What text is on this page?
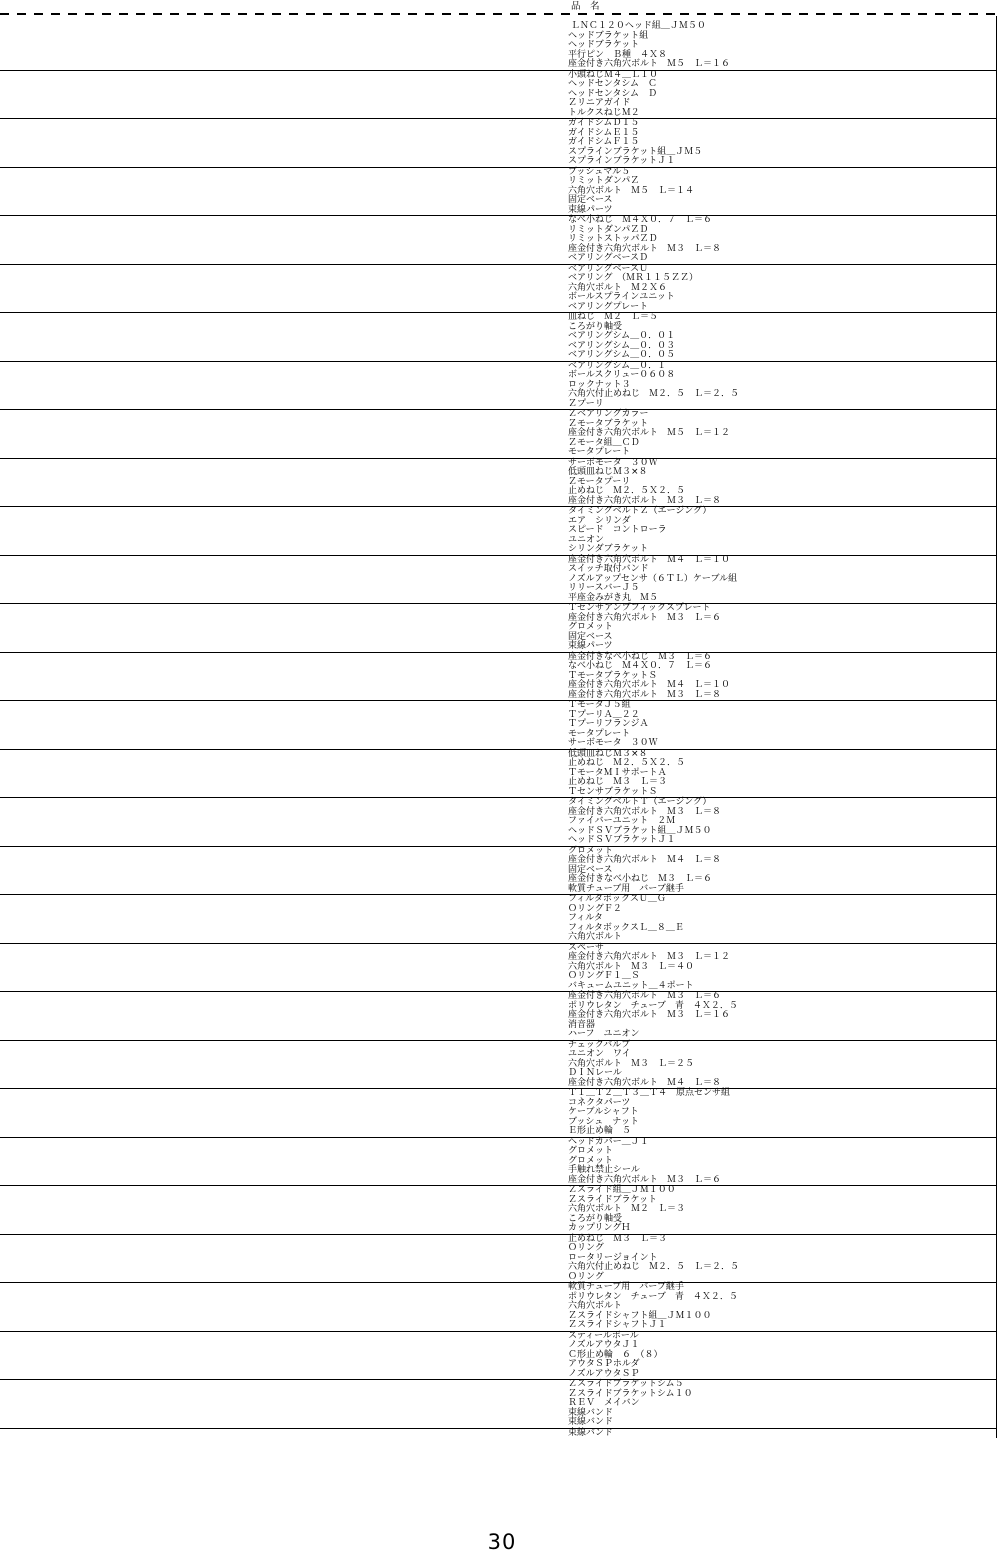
品　名
ＬＮＣ１２０ヘッド組＿ＪＭ５０
ヘッドブラケット組
ヘッドブラケット
平行ピン　Ｂ種　４Ｘ８
座金付き六角穴ボルト　Ｍ５　Ｌ＝１６
小頭ねじＭ４＿Ｌ１０
ヘッドセンタシム　Ｃ
ヘッドセンタシム　Ｄ
Ｚリニアガイド
トルクスねじＭ２
ガイドシムＤ１５
ガイドシムＥ１５
ガイドシムＦ１５
スプラインブラケット組＿ＪＭ５
スプラインブラケットＪ１
ブッシュマル５
リミットダンパＺ
六角穴ボルト　Ｍ５　Ｌ＝１４
固定ベース
束線パーツ
なべ小ねじ　Ｍ４Ｘ０．７　Ｌ＝６
リミットダンパＺＤ
リミットストッパＺＤ
座金付き六角穴ボルト　Ｍ３　Ｌ＝８
ベアリングベースＤ
ベアリングベースＵ
ベアリング　（ＭＲ１１５ＺＺ）
六角穴ボルト　Ｍ２Ｘ６
ボールスプラインユニット
ベアリングプレート
皿ねじ　Ｍ２　Ｌ＝５
ころがり軸受
ベアリングシム＿０．０１
ベアリングシム＿０．０３
ベアリングシム＿０．０５
ベアリングシム＿０．１
ボールスクリュー０６０８
ロックナット３
六角穴付止めねじ　Ｍ２．５　Ｌ＝２．５
Ｚプーリ
Ｚベアリングカラー
Ｚモータブラケット
座金付き六角穴ボルト　Ｍ５　Ｌ＝１２
Ｚモータ組＿ＣＤ
モータプレート
サーボモータ　３０Ｗ
低頭皿ねじＭ３×８
Ｚモータプーリ
止めねじ　Ｍ２．５Ｘ２．５
座金付き六角穴ボルト　Ｍ３　Ｌ＝８
タイミングベルトＺ（エージング）
エア　シリンダ
スピード　コントローラ
ユニオン
シリンダブラケット
座金付き六角穴ボルト　Ｍ４　Ｌ＝１０
スイッチ取付バンド
ノズルアップセンサ（６ＴＬ）ケーブル組
リリースバーＪ５
平座金みがき丸　Ｍ５
Ｔセンサアンプフィックスプレート
座金付き六角穴ボルト　Ｍ３　Ｌ＝６
グロメット
固定ベース
束線パーツ
座金付きなべ小ねじ　Ｍ３　Ｌ＝６
なべ小ねじ　Ｍ４Ｘ０．７　Ｌ＝６
ＴモータブラケットＳ
座金付き六角穴ボルト　Ｍ４　Ｌ＝１０
座金付き六角穴ボルト　Ｍ３　Ｌ＝８
ＴモータＪ５組
ＴプーリＡ＿２２
ＴプーリフランジＡ
モータプレート
サーボモータ　３０Ｗ
低頭皿ねじＭ３×８
止めねじ　Ｍ２．５Ｘ２．５
ＴモータＭＩサポートＡ
止めねじ　Ｍ３　Ｌ＝３
ＴセンサブラケットＳ
タイミングベルトＴ（エージング）
座金付き六角穴ボルト　Ｍ３　Ｌ＝８
ファイバーユニット　２Ｍ
ヘッドＳＶブラケット組＿ＪＭ５０
ヘッドＳＶブラケットＪ１
グロメット
座金付き六角穴ボルト　Ｍ４　Ｌ＝８
固定ベース
座金付きなべ小ねじ　Ｍ３　Ｌ＝６
軟質チューブ用　バーブ継手
フィルタボックスＵ＿Ｇ
ＯリングＦ２
フィルタ
フィルタボックスＬ＿８＿Ｅ
六角穴ボルト
スペーサ
座金付き六角穴ボルト　Ｍ３　Ｌ＝１２
六角穴ボルト　Ｍ３　Ｌ＝４０
ＯリングＦ１＿Ｓ
バキュームユニット＿４ポート
座金付き六角穴ボルト　Ｍ３　Ｌ＝６
ポリウレタン　チューブ　青　４Ｘ２．５
座金付き六角穴ボルト　Ｍ３　Ｌ＝１６
消音器
ハーフ　ユニオン
チェックバルブ
ユニオン　ワイ
六角穴ボルト　Ｍ３　Ｌ＝２５
ＤＩＮレール
座金付き六角穴ボルト　Ｍ４　Ｌ＝８
Ｔ１＿Ｔ２＿Ｔ３＿Ｔ４　原点センサ組
コネクタパーツ
ケーブルシャフト
ブッシュ　ナット
Ｅ形止め輪　５
ヘッドカバー＿Ｊ１
グロメット
グロメット
手触れ禁止シール
座金付き六角穴ボルト　Ｍ３　Ｌ＝６
Ｚスライド組＿ＪＭ１００
Ｚスライドブラケット
六角穴ボルト　Ｍ２　Ｌ＝３
ころがり軸受
カップリングＨ
止めねじ　Ｍ３　Ｌ＝３
Ｏリング
ロータリージョイント
六角穴付止めねじ　Ｍ２．５　Ｌ＝２．５
Ｏリング
軟質チューブ用　バーブ継手
ポリウレタン　チューブ　青　４Ｘ２．５
六角穴ボルト
Ｚスライドシャフト組＿ＪＭ１００
ＺスライドシャフトＪ１
スティールボール
ノズルアウタＪ１
Ｃ形止め輪　６　（８）
アウタＳＰホルダ
ノズルアウタＳＰ
Ｚスライドブラケットシム５
Ｚスライドブラケットシム１０
ＲＥＶ　メイバン
束線バンド
束線バンド
束線バンド
30
